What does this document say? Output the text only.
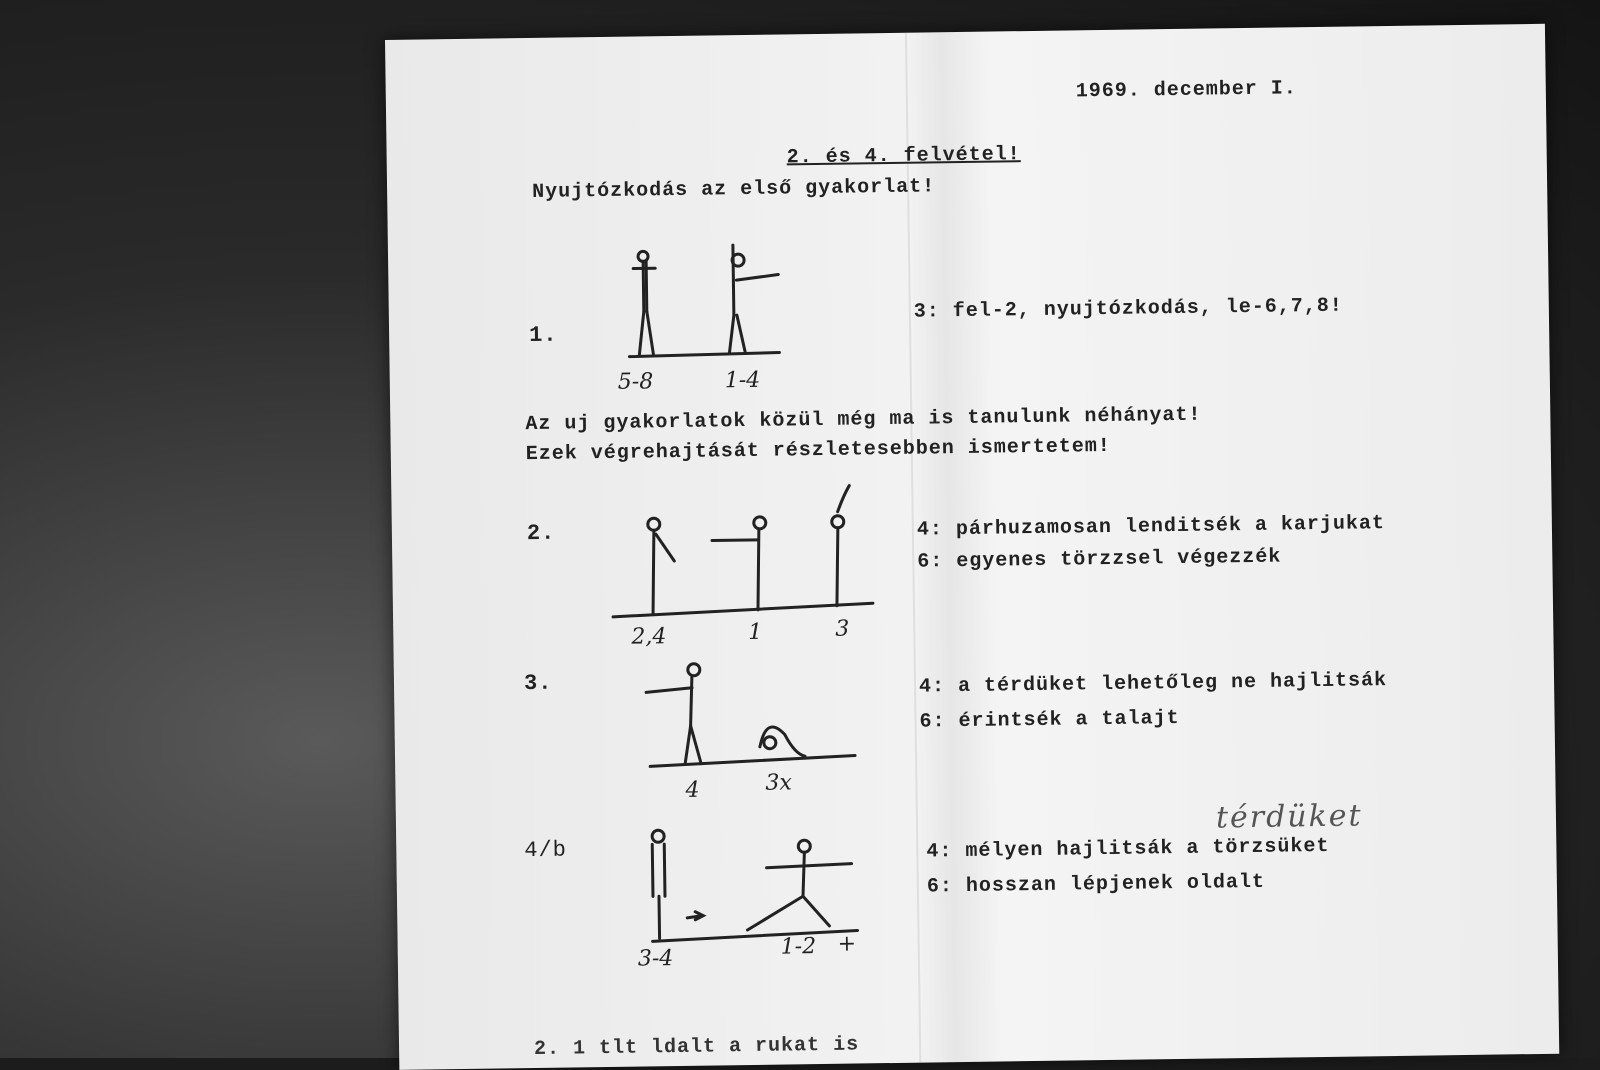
1969. december I.
2. és 4. felvétel!
Nyujtózkodás az első gyakorlat!
1.
3: fel-2, nyujtózkodás, le-6,7,8!
5-8	1-4
Az uj gyakorlatok közül még ma is tanulunk néhányat!
Ezek végrehajtását részletesebben ismertetem!
2.	4: párhuzamosan lenditsék a karjukat
6: egyenes törzzsel végezzék
2,4	1	3
3.	4: a térdüket lehetőleg ne hajlitsák
6: érintsék a talajt
4	3x
4/b	4: mélyen hajlitsák a törzsüket
6: hosszan lépjenek oldalt
térdüket
3-4	1-2 +
2. 1 tlt ldalt a rukat is
